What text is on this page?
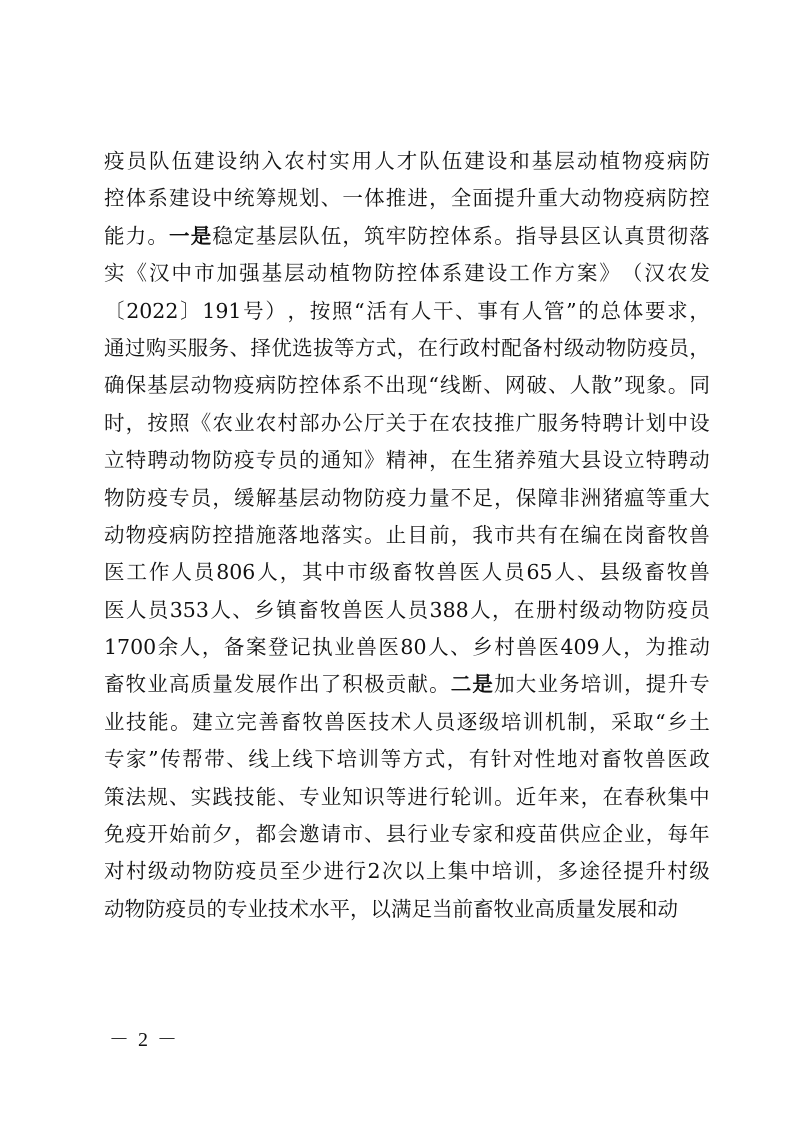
疫 员 队 伍 建 设 纳 入 农 村 实 用 人 才 队 伍 建 设 和 基 层 动 植 物 疫 病 防
控 体 系 建 设 中 统 筹 规 划 、 一 体 推 进 ， 全 面 提 升 重 大 动 物 疫 病 防 控
能 力 。 一 是 稳 定 基 层 队 伍 ， 筑 牢 防 控 体 系 。 指 导 县 区 认 真 贯 彻 落
实 《 汉 中 市 加 强 基 层 动 植 物 防 控 体 系 建 设 工 作 方 案 》 （ 汉 农 发
〔 2022 〕 191 号 ） ， 按 照 “ 活 有 人 干 、 事 有 人 管 ” 的 总 体 要 求 ，
通 过 购 买 服 务 、 择 优 选 拔 等 方 式 ， 在 行 政 村 配 备 村 级 动 物 防 疫 员 ，
确 保 基 层 动 物 疫 病 防 控 体 系 不 出 现 “ 线 断 、 网 破 、 人 散 ” 现 象 。 同
时 ， 按 照 《 农 业 农 村 部 办 公 厅 关 于 在 农 技 推 广 服 务 特 聘 计 划 中 设
立 特 聘 动 物 防 疫 专 员 的 通 知 》 精 神 ， 在 生 猪 养 殖 大 县 设 立 特 聘 动
物 防 疫 专 员 ， 缓 解 基 层 动 物 防 疫 力 量 不 足 ， 保 障 非 洲 猪 瘟 等 重 大
动 物 疫 病 防 控 措 施 落 地 落 实 。 止 目 前 ， 我 市 共 有 在 编 在 岗 畜 牧 兽
医 工 作 人 员 806 人 ， 其 中 市 级 畜 牧 兽 医 人 员 65 人 、 县 级 畜 牧 兽
医 人 员 353 人 、 乡 镇 畜 牧 兽 医 人 员 388 人 ， 在 册 村 级 动 物 防 疫 员
1700 余 人 ， 备 案 登 记 执 业 兽 医 80 人 、 乡 村 兽 医 409 人 ， 为 推 动
畜 牧 业 高 质 量 发 展 作 出 了 积 极 贡 献 。 二 是 加 大 业 务 培 训 ， 提 升 专
业 技 能 。 建 立 完 善 畜 牧 兽 医 技 术 人 员 逐 级 培 训 机 制 ， 采 取 “ 乡 土
专 家 ” 传 帮 带 、 线 上 线 下 培 训 等 方 式 ， 有 针 对 性 地 对 畜 牧 兽 医 政
策 法 规 、 实 践 技 能 、 专 业 知 识 等 进 行 轮 训 。 近 年 来 ， 在 春 秋 集 中
免 疫 开 始 前 夕 ， 都 会 邀 请 市 、 县 行 业 专 家 和 疫 苗 供 应 企 业 ， 每 年
对 村 级 动 物 防 疫 员 至 少 进 行 2 次 以 上 集 中 培 训 ， 多 途 径 提 升 村 级
动 物 防 疫 员 的 专 业 技 术 水 平 ， 以 满 足 当 前 畜 牧 业 高 质 量 发 展 和 动
－ 2 －
